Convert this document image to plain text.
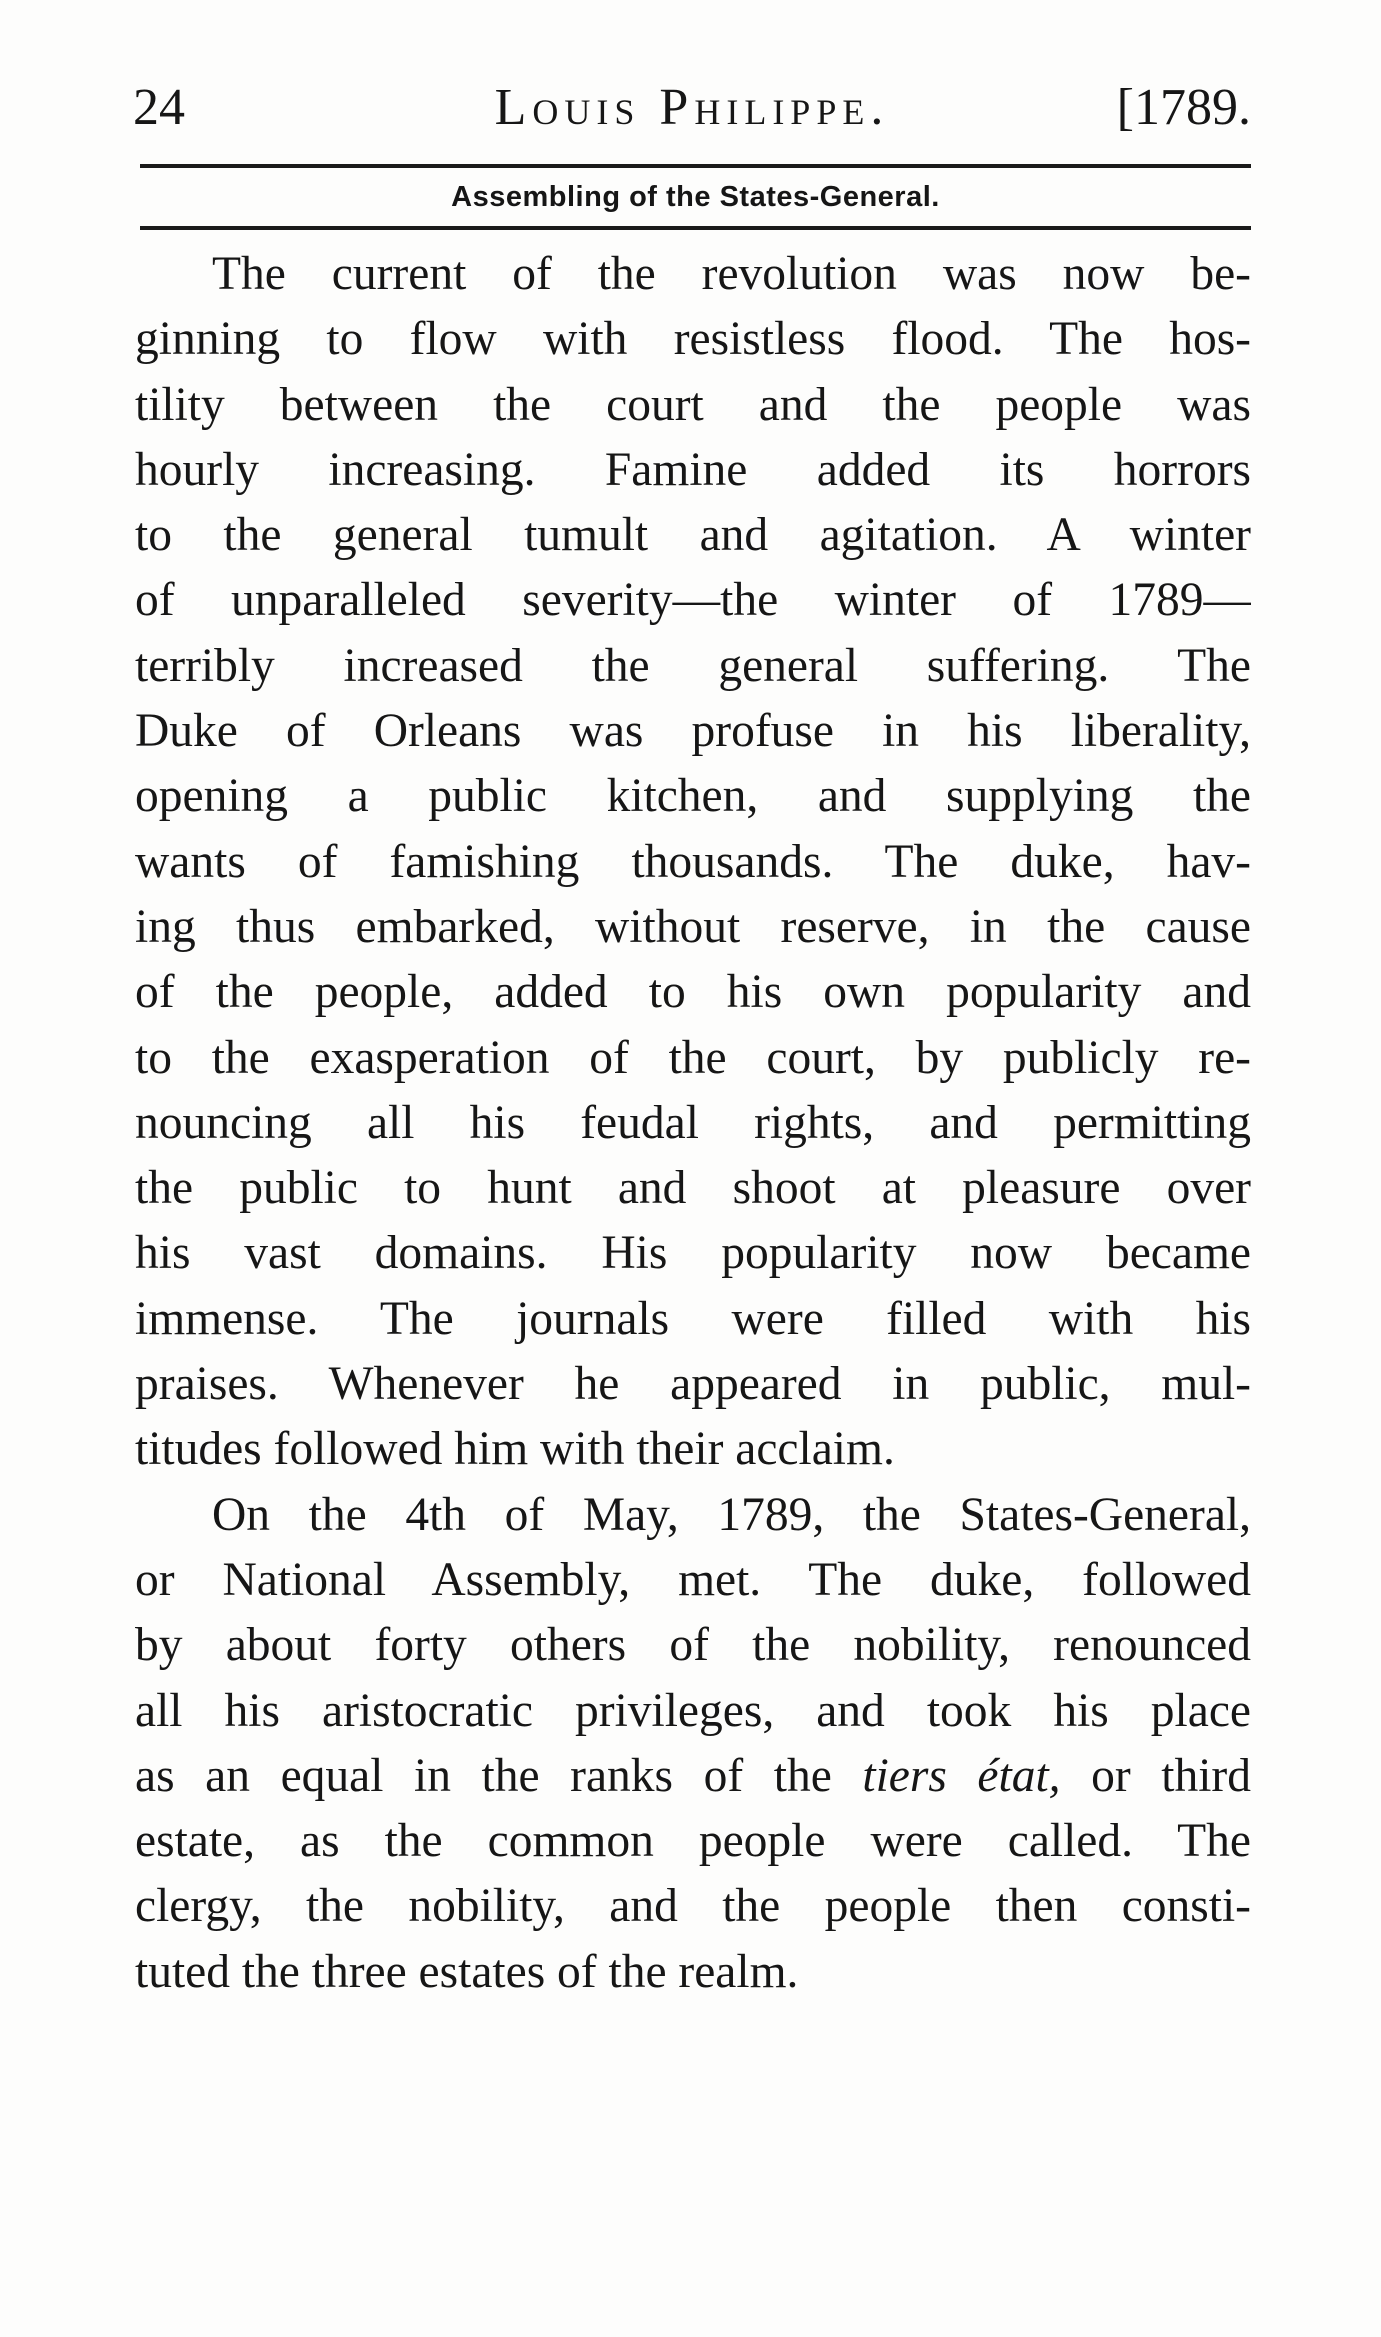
24	Louis Philippe.	[1789.
Assembling of the States-General.
The current of the revolution was now be-
ginning to flow with resistless flood. The hos-
tility between the court and the people was
hourly increasing. Famine added its horrors
to the general tumult and agitation. A winter
of unparalleled severity—the winter of 1789—
terribly increased the general suffering. The
Duke of Orleans was profuse in his liberality,
opening a public kitchen, and supplying the
wants of famishing thousands. The duke, hav-
ing thus embarked, without reserve, in the cause
of the people, added to his own popularity and
to the exasperation of the court, by publicly re-
nouncing all his feudal rights, and permitting
the public to hunt and shoot at pleasure over
his vast domains. His popularity now became
immense. The journals were filled with his
praises. Whenever he appeared in public, mul-
titudes followed him with their acclaim.
On the 4th of May, 1789, the States-General,
or National Assembly, met. The duke, followed
by about forty others of the nobility, renounced
all his aristocratic privileges, and took his place
as an equal in the ranks of the tiers état, or third
estate, as the common people were called. The
clergy, the nobility, and the people then consti-
tuted the three estates of the realm.
